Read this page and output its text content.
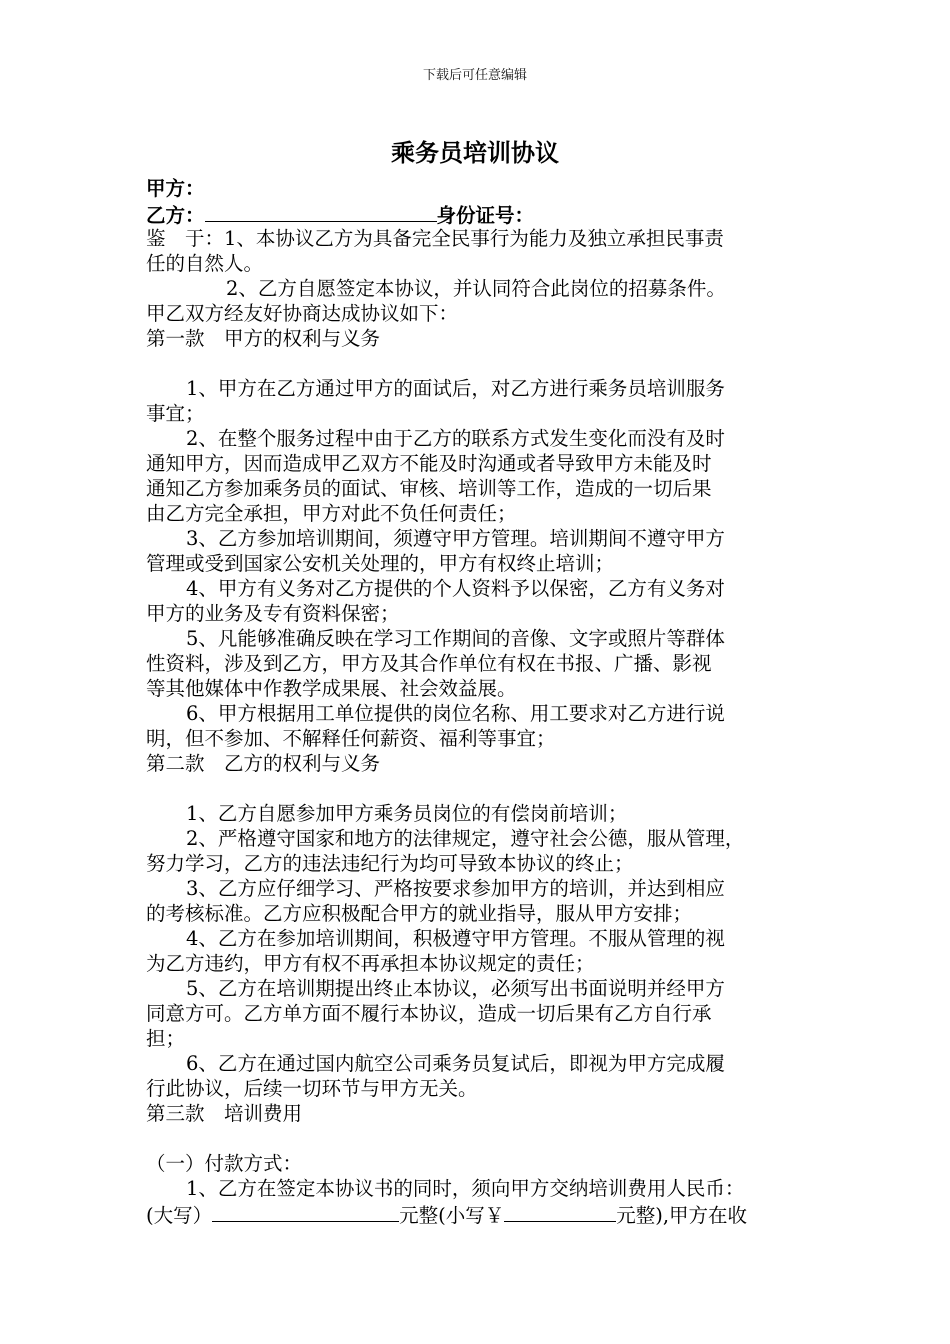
下载后可任意编辑
乘务员培训协议
甲方：
乙方：	身份证号：
鉴　于：1、本协议乙方为具备完全民事行为能力及独立承担民事责
任的自然人。
2、乙方自愿签定本协议，并认同符合此岗位的招募条件。
甲乙双方经友好协商达成协议如下：
第一款　甲方的权利与义务
1、甲方在乙方通过甲方的面试后，对乙方进行乘务员培训服务
事宜；
2、在整个服务过程中由于乙方的联系方式发生变化而没有及时
通知甲方，因而造成甲乙双方不能及时沟通或者导致甲方未能及时
通知乙方参加乘务员的面试、审核、培训等工作，造成的一切后果
由乙方完全承担，甲方对此不负任何责任；
3、乙方参加培训期间，须遵守甲方管理。培训期间不遵守甲方
管理或受到国家公安机关处理的，甲方有权终止培训；
4、甲方有义务对乙方提供的个人资料予以保密，乙方有义务对
甲方的业务及专有资料保密；
5、凡能够准确反映在学习工作期间的音像、文字或照片等群体
性资料，涉及到乙方，甲方及其合作单位有权在书报、广播、影视
等其他媒体中作教学成果展、社会效益展。
6、甲方根据用工单位提供的岗位名称、用工要求对乙方进行说
明，但不参加、不解释任何薪资、福利等事宜；
第二款　乙方的权利与义务
1、乙方自愿参加甲方乘务员岗位的有偿岗前培训；
2、严格遵守国家和地方的法律规定，遵守社会公德，服从管理，
努力学习，乙方的违法违纪行为均可导致本协议的终止；
3、乙方应仔细学习、严格按要求参加甲方的培训，并达到相应
的考核标准。乙方应积极配合甲方的就业指导，服从甲方安排；
4、乙方在参加培训期间，积极遵守甲方管理。不服从管理的视
为乙方违约，甲方有权不再承担本协议规定的责任；
5、乙方在培训期提出终止本协议，必须写出书面说明并经甲方
同意方可。乙方单方面不履行本协议，造成一切后果有乙方自行承
担；
6、乙方在通过国内航空公司乘务员复试后，即视为甲方完成履
行此协议，后续一切环节与甲方无关。
第三款　培训费用
（一）付款方式：
1、乙方在签定本协议书的同时，须向甲方交纳培训费用人民币：
(大写）	元整(小写￥	元整),甲方在收
